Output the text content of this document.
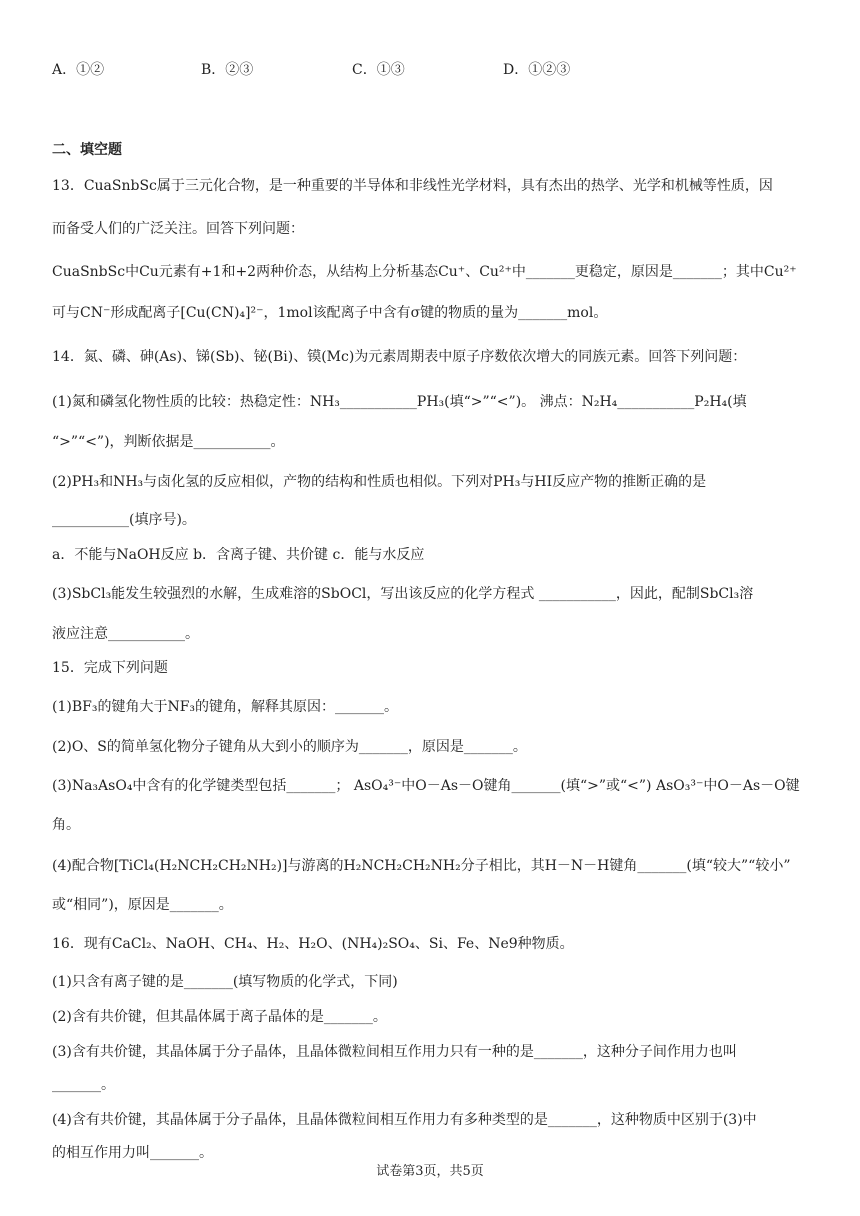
A．①②	B．②③	C．①③	D．①②③
二、填空题
13．CuaSnbSc属于三元化合物，是一种重要的半导体和非线性光学材料，具有杰出的热学、光学和机械等性质，因
而备受人们的广泛关注。回答下列问题：
CuaSnbSc中Cu元素有+1和+2两种价态，从结构上分析基态Cu⁺、Cu²⁺中_______更稳定，原因是_______；其中Cu²⁺
可与CN⁻形成配离子[Cu(CN)₄]²⁻，1mol该配离子中含有σ键的物质的量为_______mol。
14．氮、磷、砷(As)、锑(Sb)、铋(Bi)、镆(Mc)为元素周期表中原子序数依次增大的同族元素。回答下列问题：
(1)氮和磷氢化物性质的比较：热稳定性：NH₃___________PH₃(填“>”“<”)。 沸点：N₂H₄___________P₂H₄(填
“>”“<”)，判断依据是___________。
(2)PH₃和NH₃与卤化氢的反应相似，产物的结构和性质也相似。下列对PH₃与HI反应产物的推断正确的是
___________(填序号)。
a．不能与NaOH反应 b．含离子键、共价键 c．能与水反应
(3)SbCl₃能发生较强烈的水解，生成难溶的SbOCl，写出该反应的化学方程式 ___________，因此，配制SbCl₃溶
液应注意___________。
15．完成下列问题
(1)BF₃的键角大于NF₃的键角，解释其原因：_______。
(2)O、S的简单氢化物分子键角从大到小的顺序为_______，原因是_______。
(3)Na₃AsO₄中含有的化学键类型包括_______； AsO₄³⁻中O－As－O键角_______(填“>”或“<”) AsO₃³⁻中O－As－O键
角。
(4)配合物[TiCl₄(H₂NCH₂CH₂NH₂)]与游离的H₂NCH₂CH₂NH₂分子相比，其H－N－H键角_______(填“较大”“较小”
或“相同”)，原因是_______。
16．现有CaCl₂、NaOH、CH₄、H₂、H₂O、(NH₄)₂SO₄、Si、Fe、Ne9种物质。
(1)只含有离子键的是_______(填写物质的化学式，下同)
(2)含有共价键，但其晶体属于离子晶体的是_______。
(3)含有共价键，其晶体属于分子晶体，且晶体微粒间相互作用力只有一种的是_______，这种分子间作用力也叫
_______。
(4)含有共价键，其晶体属于分子晶体，且晶体微粒间相互作用力有多种类型的是_______，这种物质中区别于(3)中
的相互作用力叫_______。
试卷第3页，共5页
